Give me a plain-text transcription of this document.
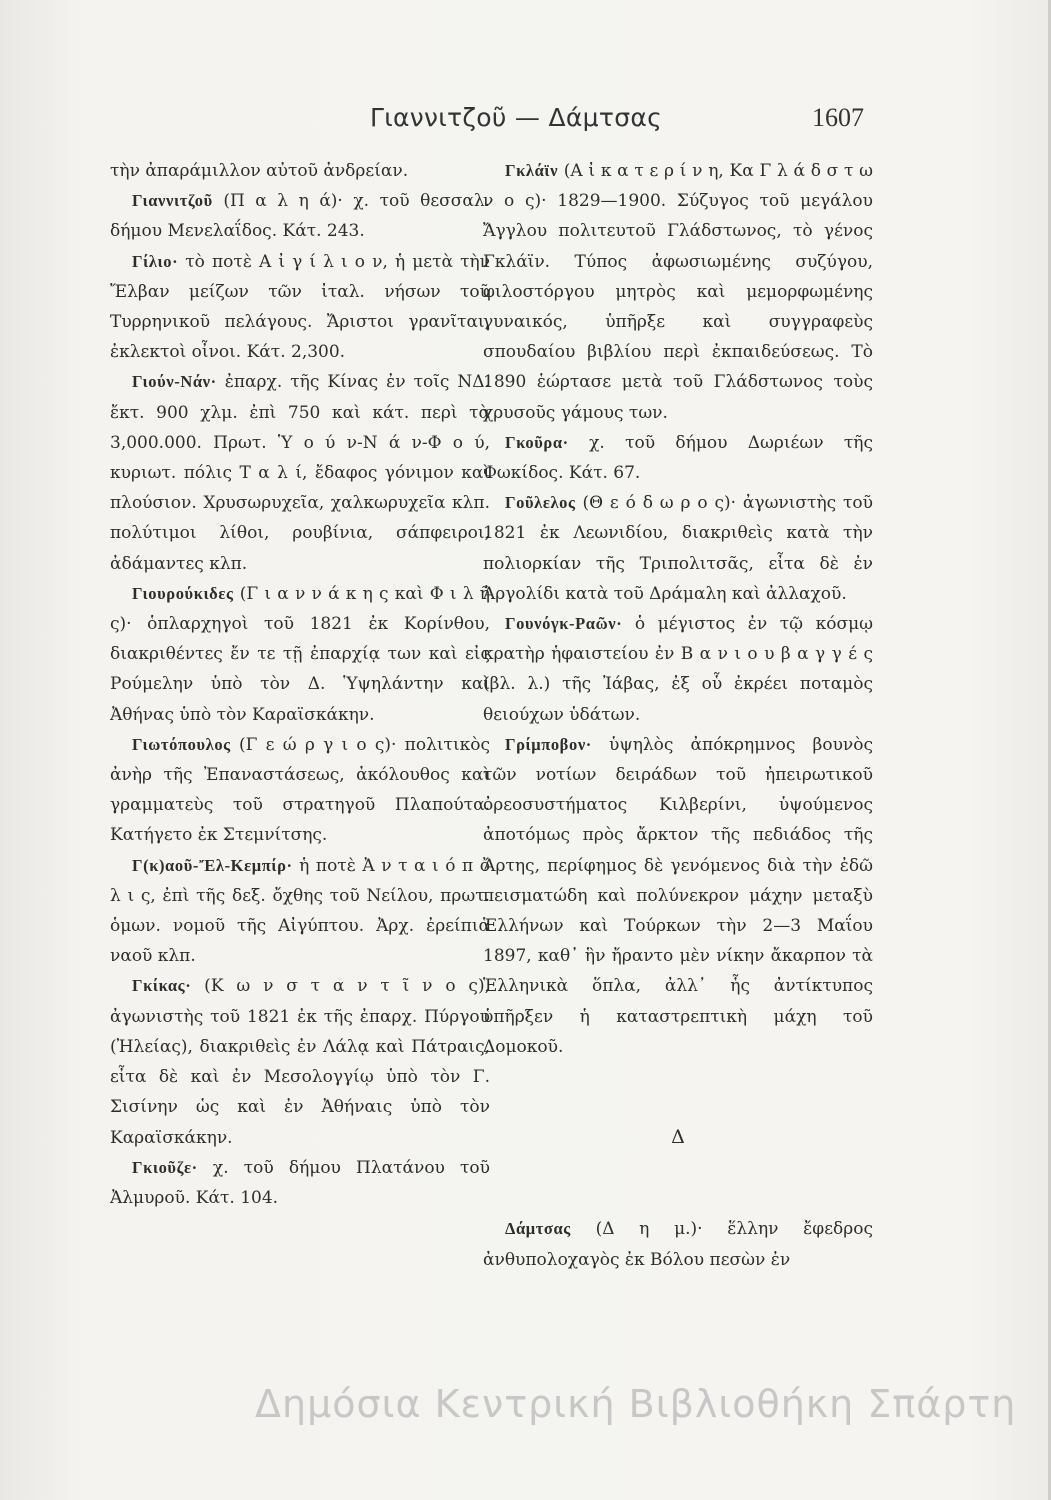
Γιαννιτζοῦ — Δάμτσας	1607

τὴν ἀπαράμιλλον αὐτοῦ ἀνδρείαν.

Γιαννιτζοῦ (Π α λ η ά)· χ. τοῦ θεσσαλ. δήμου Μενελαΐδος. Κάτ. 243.

Γίλιο· τὸ ποτὲ Α ἰ γ ί λ ι ο ν, ἡ μετὰ τὴν Ἔλβαν μείζων τῶν ἰταλ. νήσων τοῦ Τυρρηνικοῦ πελάγους. Ἄριστοι γρανῖται, ἐκλεκτοὶ οἶνοι. Κάτ. 2,300.

Γιούν-Νάν· ἐπαρχ. τῆς Κίνας ἐν τοῖς ΝΔ. ἔκτ. 900 χλμ. ἐπὶ 750 καὶ κάτ. περὶ τὰ 3,000.000. Πρωτ. Ὑ ο ύ ν-Ν ά ν-Φ ο ύ, κυριωτ. πόλις Τ α λ ί, ἔδαφος γόνιμον καὶ πλούσιον. Χρυσωρυχεῖα, χαλκωρυχεῖα κλπ. πολύτιμοι λίθοι, ρουβίνια, σάπφειροι, ἀδάμαντες κλπ.

Γιουρούκιδες (Γ ι α ν ν ά κ η ς καὶ Φ ι λ ῆ ς)· ὁπλαρχηγοὶ τοῦ 1821 ἐκ Κορίνθου, διακριθέντες ἔν τε τῇ ἐπαρχίᾳ των καὶ εἰς Ρούμελην ὑπὸ τὸν Δ. Ὑψηλάντην καὶ Ἀθήνας ὑπὸ τὸν Καραϊσκάκην.

Γιωτόπουλος (Γ ε ώ ρ γ ι ο ς)· πολιτικὸς ἀνὴρ τῆς Ἐπαναστάσεως, ἀκόλουθος καὶ γραμματεὺς τοῦ στρατηγοῦ Πλαπούτα. Κατήγετο ἐκ Στεμνίτσης.

Γ(κ)αοῦ-Ἔλ-Κεμπίρ· ἡ ποτὲ Ἀ ν τ α ι ό π ο λ ι ς, ἐπὶ τῆς δεξ. ὄχθης τοῦ Νείλου, πρωτ. ὁμων. νομοῦ τῆς Αἰγύπτου. Ἀρχ. ἐρείπια ναοῦ κλπ.

Γκίκας· (Κ ω ν σ τ α ν τ ῖ ν ο ς), ἀγωνιστὴς τοῦ 1821 ἐκ τῆς ἐπαρχ. Πύργου (Ἠλείας), διακριθεὶς ἐν Λάλᾳ καὶ Πάτραις, εἶτα δὲ καὶ ἐν Μεσολογγίῳ ὑπὸ τὸν Γ. Σισίνην ὡς καὶ ἐν Ἀθήναις ὑπὸ τὸν Καραϊσκάκην.

Γκιοῦζε· χ. τοῦ δήμου Πλατάνου τοῦ Ἀλμυροῦ. Κάτ. 104.

Γκλάϊν (Α ἰ κ α τ ε ρ ί ν η, Κα Γ λ ά δ σ τ ω ν ο ς)· 1829—1900. Σύζυγος τοῦ μεγάλου Ἄγγλου πολιτευτοῦ Γλάδστωνος, τὸ γένος Γκλάϊν. Τύπος ἀφωσιωμένης συζύγου, φιλοστόργου μητρὸς καὶ μεμορφωμένης γυναικός, ὑπῆρξε καὶ συγγραφεὺς σπουδαίου βιβλίου περὶ ἐκπαιδεύσεως. Τὸ 1890 ἑώρτασε μετὰ τοῦ Γλάδστωνος τοὺς χρυσοῦς γάμους των.

Γκοῦρα· χ. τοῦ δήμου Δωριέων τῆς Φωκίδος. Κάτ. 67.

Γοῦλελος (Θ ε ό δ ω ρ ο ς)· ἀγωνιστὴς τοῦ 1821 ἐκ Λεωνιδίου, διακριθεὶς κατὰ τὴν πολιορκίαν τῆς Τριπολιτσᾶς, εἶτα δὲ ἐν Ἀργολίδι κατὰ τοῦ Δράμαλη καὶ ἀλλαχοῦ.

Γουνόγκ-Ραῶν· ὁ μέγιστος ἐν τῷ κόσμῳ κρατὴρ ἡφαιστείου ἐν Β α ν ι ο υ β α γ γ έ ς (βλ. λ.) τῆς Ἰάβας, ἐξ οὗ ἐκρέει ποταμὸς θειούχων ὑδάτων.

Γρίμποβον· ὑψηλὸς ἀπόκρημνος βουνὸς τῶν νοτίων δειράδων τοῦ ἠπειρωτικοῦ ὀρεοσυστήματος Κιλβερίνι, ὑψούμενος ἀποτόμως πρὸς ἄρκτον τῆς πεδιάδος τῆς Ἄρτης, περίφημος δὲ γενόμενος διὰ τὴν ἐδῶ πεισματώδη καὶ πολύνεκρον μάχην μεταξὺ Ἑλλήνων καὶ Τούρκων τὴν 2—3 Μαΐου 1897, καθ᾽ ἣν ἤραντο μὲν νίκην ἄκαρπον τὰ Ἑλληνικὰ ὅπλα, ἀλλ᾽ ἧς ἀντίκτυπος ὑπῆρξεν ἡ καταστρεπτικὴ μάχη τοῦ Δομοκοῦ.

Δ

Δάμτσας (Δ η μ.)· ἕλλην ἔφεδρος ἀνθυπολοχαγὸς ἐκ Βόλου πεσὼν ἐν

Δημόσια Κεντρική Βιβλιοθήκη Σπάρτη
